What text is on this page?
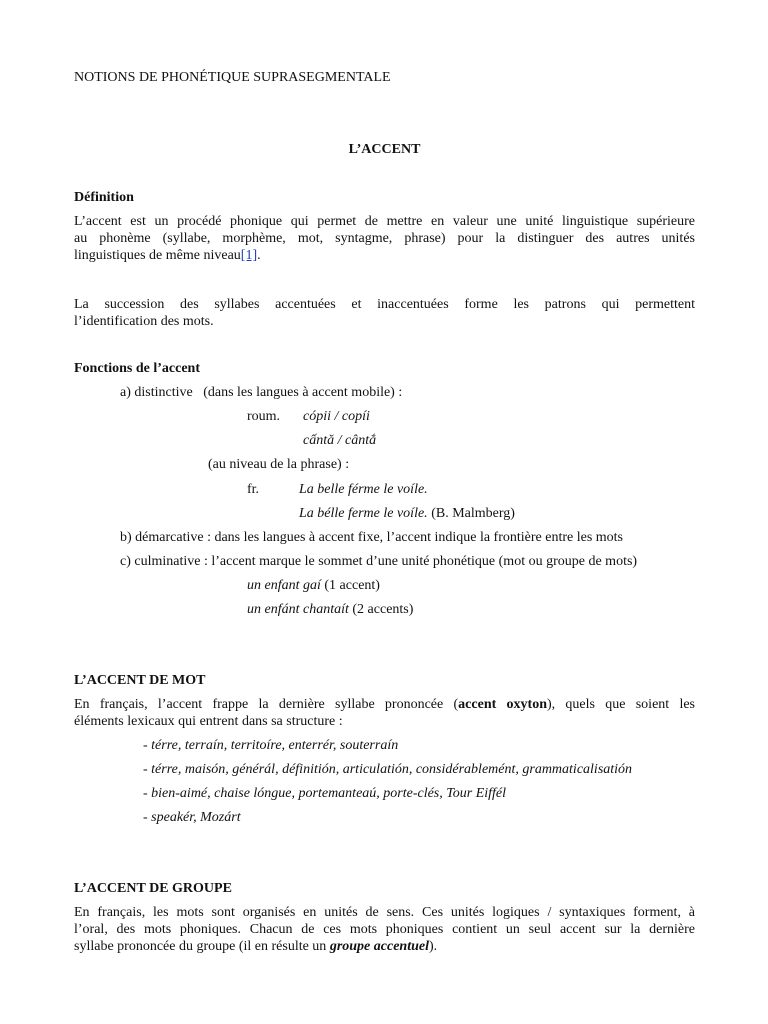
NOTIONS DE PHONÉTIQUE SUPRASEGMENTALE
L’ACCENT
Définition
L’accent est un procédé phonique qui permet de mettre en valeur une unité linguistique supérieure
au phonème (syllabe, morphème, mot, syntagme, phrase) pour la distinguer des autres unités
linguistiques de même niveau[1].
La succession des syllabes accentuées et inaccentuées forme les patrons qui permettent
l’identification des mots.
Fonctions de l’accent
a) distinctive   (dans les langues à accent mobile) :
roum. cópii / copíi
cấntă / cântắ
(au niveau de la phrase) :
fr.	La belle férme le voíle.
La bélle ferme le voíle. (B. Malmberg)
b) démarcative : dans les langues à accent fixe, l’accent indique la frontière entre les mots
c) culminative : l’accent marque le sommet d’une unité phonétique (mot ou groupe de mots)
un enfant gaí (1 accent)
un enfánt chantaít (2 accents)
L’ACCENT DE MOT
En français, l’accent frappe la dernière syllabe prononcée (accent oxyton), quels que soient les
éléments lexicaux qui entrent dans sa structure :
- térre, terraín, territoíre, enterrér, souterraín
- térre, maisón, générál, définitión, articulatión, considérablemént, grammaticalisatión
- bien-aimé, chaise lóngue, portemanteaú, porte-clés, Tour Eiffél
- speakér, Mozárt
L’ACCENT DE GROUPE
En français, les mots sont organisés en unités de sens. Ces unités logiques / syntaxiques forment, à
l’oral, des mots phoniques. Chacun de ces mots phoniques contient un seul accent sur la dernière
syllabe prononcée du groupe (il en résulte un groupe accentuel).
